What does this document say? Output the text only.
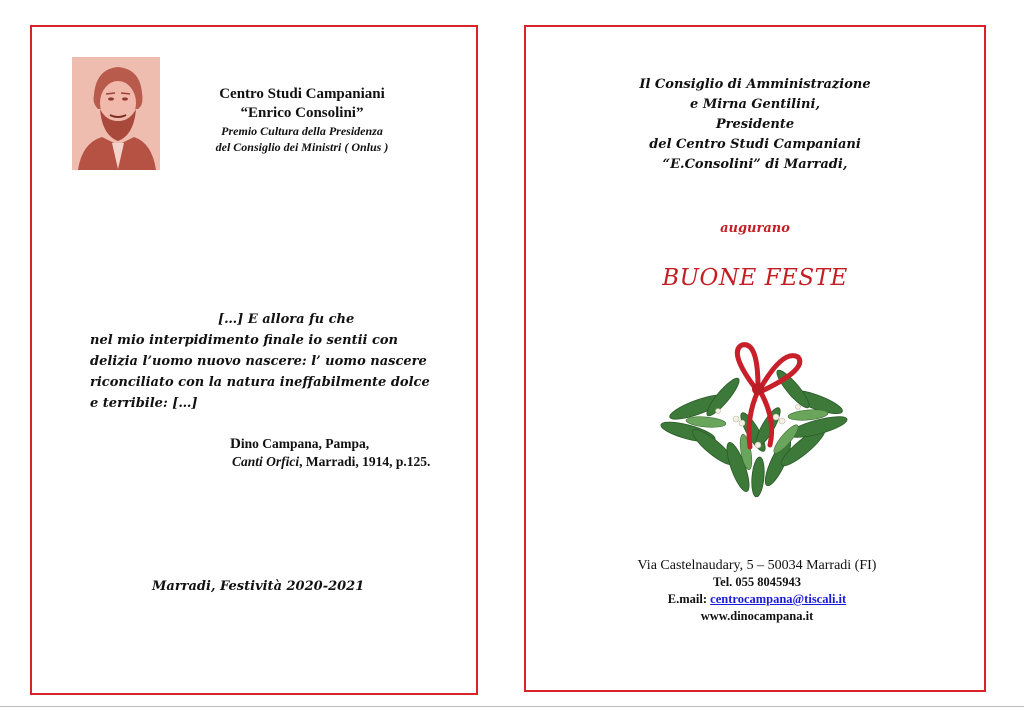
Centro Studi Campaniani
“Enrico Consolini”
Premio Cultura della Presidenza
del Consiglio dei Ministri ( Onlus )
[…] E allora fu che
nel mio interpidimento finale io sentii con
delizia l’uomo nuovo nascere: l’ uomo nascere
riconciliato con la natura ineffabilmente dolce
e terribile: […]
Dino Campana, Pampa,
Canti Orfici, Marradi, 1914, p.125.
Marradi, Festività 2020-2021
Il Consiglio di Amministrazione
e Mirna Gentilini,
Presidente
del Centro Studi Campaniani
“E.Consolini” di Marradi,
augurano
BUONE FESTE
Via Castelnaudary, 5 – 50034 Marradi (FI)
Tel. 055 8045943
E.mail: centrocampana@tiscali.it
www.dinocampana.it
